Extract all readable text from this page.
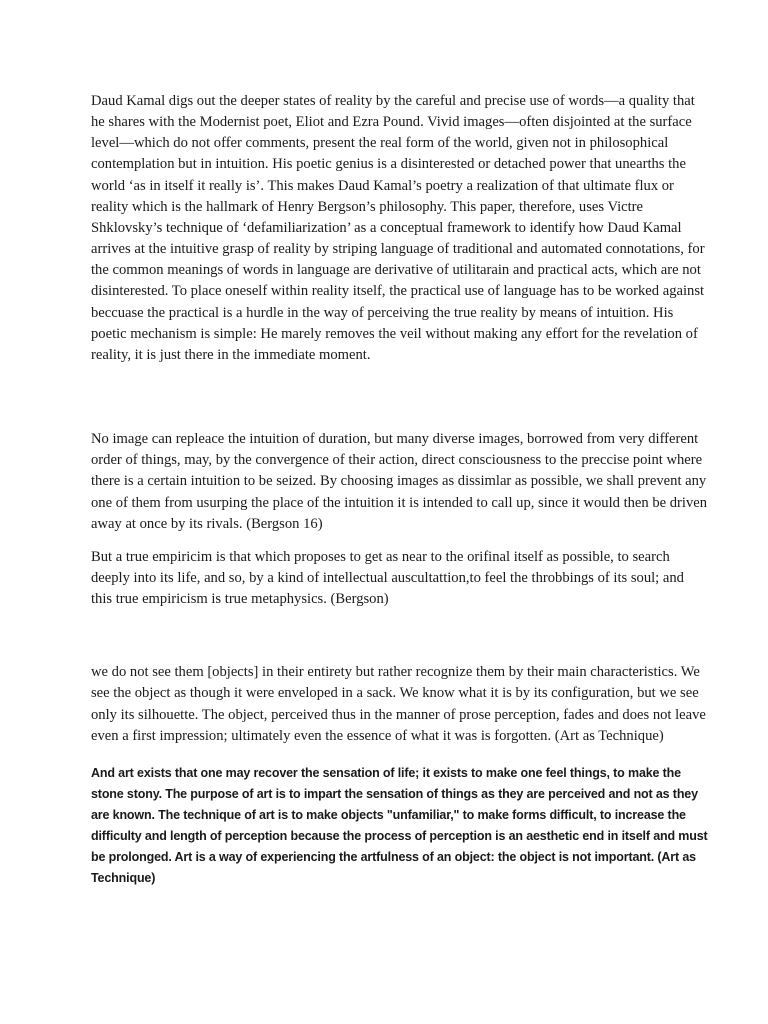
Daud Kamal digs out the deeper states of reality by the careful and precise use of words—a quality that he shares with the Modernist poet, Eliot and Ezra Pound. Vivid images—often disjointed at the surface level—which do not offer comments, present the real form of the world, given not in philosophical contemplation but in intuition. His poetic genius is a disinterested or detached power that unearths the world ‘as in itself it really is’. This makes Daud Kamal’s poetry a realization of that ultimate flux or reality which is the hallmark of Henry Bergson’s philosophy. This paper, therefore, uses Victre Shklovsky’s technique of ‘defamiliarization’ as a conceptual framework to identify how Daud Kamal arrives at the intuitive grasp of reality by striping language of traditional and automated connotations, for the common meanings of words in language are derivative of utilitarain and practical acts, which are not disinterested. To place oneself within reality itself, the practical use of language has to be worked against beccuase the practical is a hurdle in the way of perceiving the true reality by means of intuition. His poetic mechanism is simple: He marely removes the veil without making any effort for the revelation of reality, it is just there in the immediate moment.

No image can repleace the intuition of duration, but many diverse images, borrowed from very different order of things, may, by the convergence of their action, direct consciousness to the preccise point where there is a certain intuition to be seized. By choosing images as dissimlar as possible, we shall prevent any one of them from usurping the place of the intuition it is intended to call up, since it would then be driven away at once by its rivals. (Bergson 16)

But a true empiricim is that which proposes to get as near to the orifinal itself as possible, to search deeply into its life, and so, by a kind of intellectual auscultattion,to feel the throbbings of its soul; and this true empiricism is true metaphysics. (Bergson)

we do not see them [objects] in their entirety but rather recognize them by their main characteristics. We see the object as though it were enveloped in a sack. We know what it is by its configuration, but we see only its silhouette. The object, perceived thus in the manner of prose perception, fades and does not leave even a first impression; ultimately even the essence of what it was is forgotten. (Art as Technique)

And art exists that one may recover the sensation of life; it exists to make one feel things, to make the stone stony. The purpose of art is to impart the sensation of things as they are perceived and not as they are known. The technique of art is to make objects "unfamiliar," to make forms difficult, to increase the difficulty and length of perception because the process of perception is an aesthetic end in itself and must be prolonged. Art is a way of experiencing the artfulness of an object: the object is not important. (Art as Technique)
